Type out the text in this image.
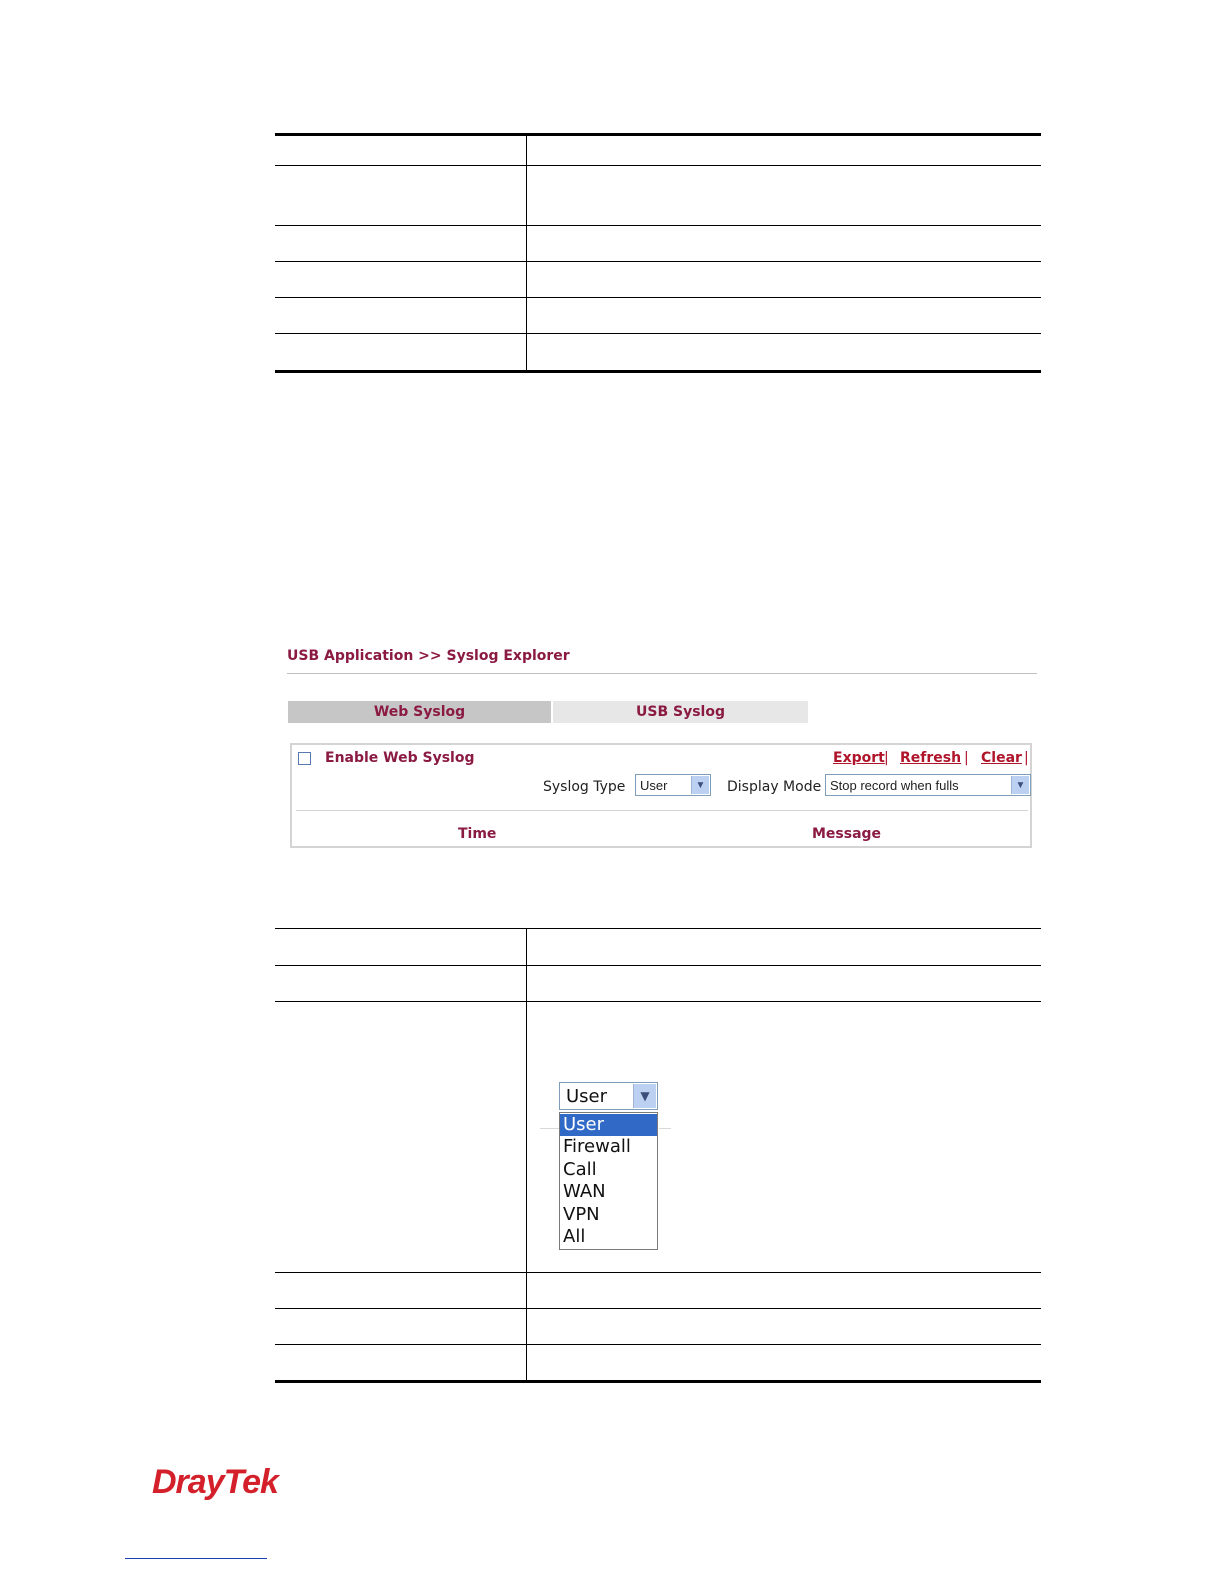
USB Application >> Syslog Explorer
Web Syslog	USB Syslog
Enable Web Syslog	Export | Refresh | Clear |
Syslog Type User	▼ Display Mode Stop record when fulls	▼
Time	Message
User	▼
User
Firewall
Call
WAN
VPN
All
DrayTek
